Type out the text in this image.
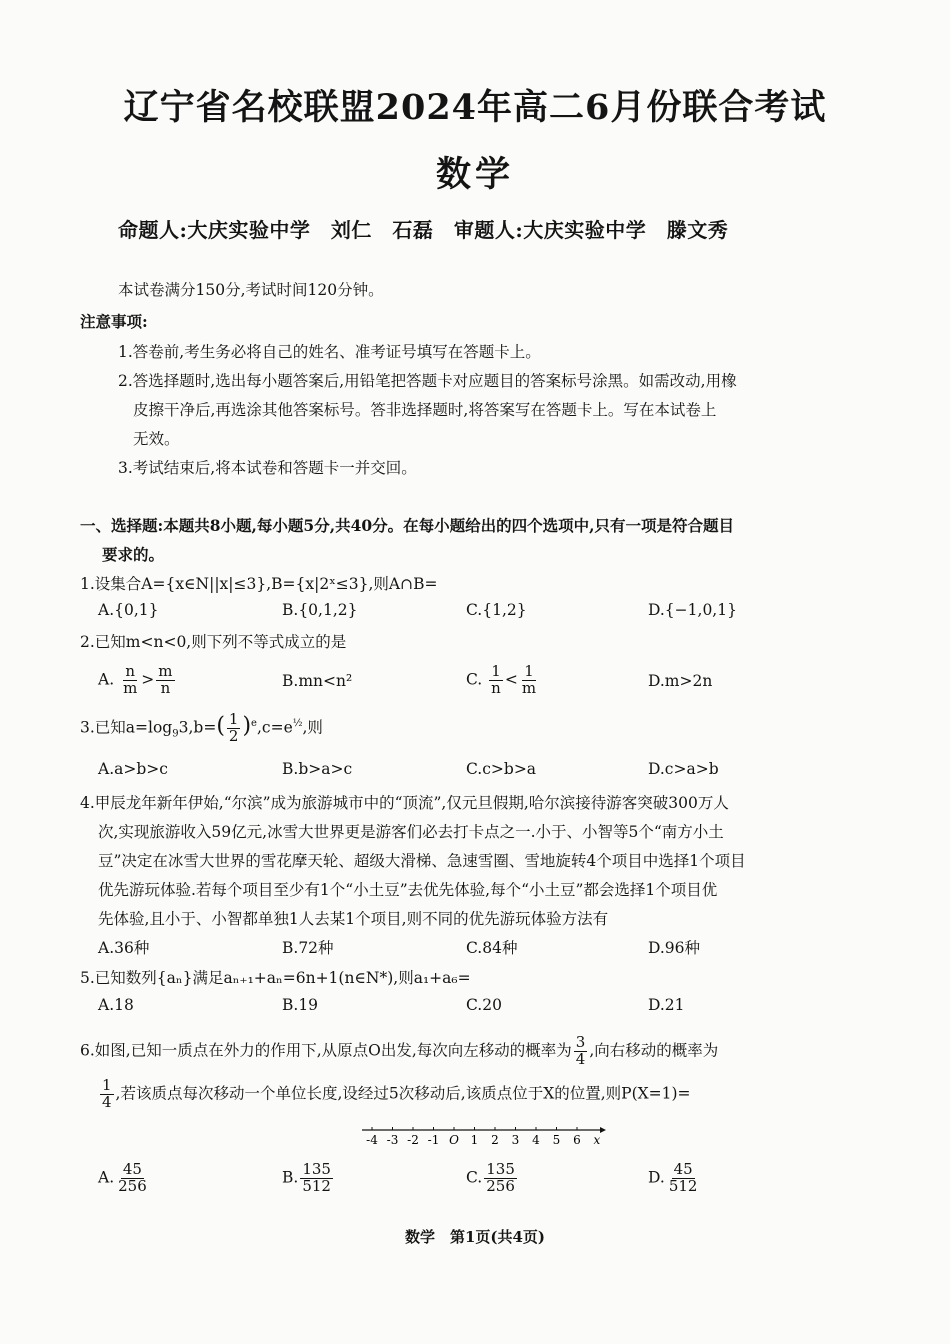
辽宁省名校联盟2024年高二6月份联合考试
数学
命题人:大庆实验中学　刘仁　石磊　审题人:大庆实验中学　滕文秀
本试卷满分150分,考试时间120分钟。
注意事项:
1.答卷前,考生务必将自己的姓名、准考证号填写在答题卡上。
2.答选择题时,选出每小题答案后,用铅笔把答题卡对应题目的答案标号涂黑。如需改动,用橡
皮擦干净后,再选涂其他答案标号。答非选择题时,将答案写在答题卡上。写在本试卷上
无效。
3.考试结束后,将本试卷和答题卡一并交回。
一、选择题:本题共8小题,每小题5分,共40分。在每小题给出的四个选项中,只有一项是符合题目
要求的。
1.设集合A={x∈N||x|≤3},B={x|2ˣ≤3},则A∩B=
A.{0,1}	B.{0,1,2}	C.{1,2}	D.{−1,0,1}
2.已知m<n<0,则下列不等式成立的是
A. $\frac{n}{m} > \frac{m}{n}$	B.mn<n²	C. $\frac{1}{n} < \frac{1}{m}$	D.m>2n
3.已知$a=\log_93,b=( \frac{1}{2} )^e,c=e^{\frac{1}{2}}$,则
A.a>b>c	B.b>a>c	C.c>b>a	D.c>a>b
4.甲辰龙年新年伊始,“尔滨”成为旅游城市中的“顶流”,仅元旦假期,哈尔滨接待游客突破300万人
次,实现旅游收入59亿元,冰雪大世界更是游客们必去打卡点之一.小于、小智等5个“南方小土
豆”决定在冰雪大世界的雪花摩天轮、超级大滑梯、急速雪圈、雪地旋转4个项目中选择1个项目
优先游玩体验.若每个项目至少有1个“小土豆”去优先体验,每个“小土豆”都会选择1个项目优
先体验,且小于、小智都单独1人去某1个项目,则不同的优先游玩体验方法有
A.36种	B.72种	C.84种	D.96种
5.已知数列{aₙ}满足aₙ₊₁+aₙ=6n+1(n∈N*),则a₁+a₆=
A.18	B.19	C.20	D.21
6.如图,已知一质点在外力的作用下,从原点O出发,每次向左移动的概率为 $\frac{3}{4}$ ,向右移动的概率为
$\frac{1}{4}$ ,若该质点每次移动一个单位长度,设经过5次移动后,该质点位于X的位置,则P(X=1)=
-4 -3 -2 -1 O 1 2 3 4 5 6 x
A. $\frac{45}{256}$	B. $\frac{135}{512}$	C. $\frac{135}{256}$	D. $\frac{45}{512}$
数学　第1页(共4页)
